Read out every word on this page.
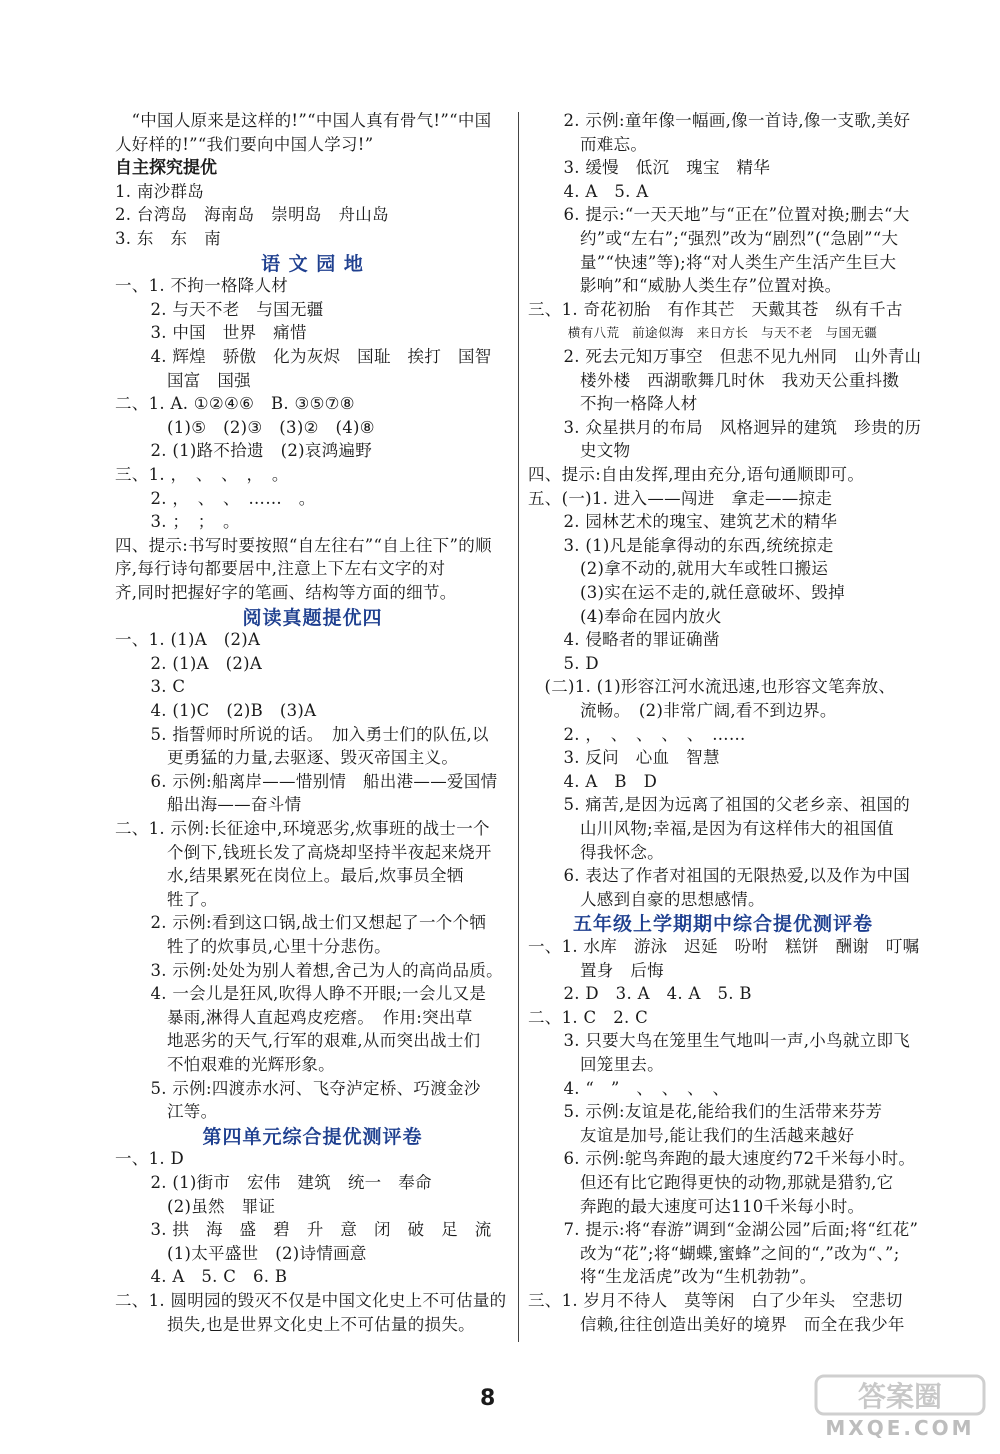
“中国人原来是这样的!”“中国人真有骨气!”“中国
人好样的!”“我们要向中国人学习!”
自主探究提优
1. 南沙群岛
2. 台湾岛　海南岛　崇明岛　舟山岛
3. 东　东　南
语 文 园 地
一、1. 不拘一格降人材
2. 与天不老　与国无疆
3. 中国　世界　痛惜
4. 辉煌　骄傲　化为灰烬　国耻　挨打　国智
国富　国强
二、1. A. ①②④⑥　B. ③⑤⑦⑧
(1)⑤　(2)③　(3)②　(4)⑧
2. (1)路不拾遗　(2)哀鸿遍野
三、1. ，　、　、　，　。
2. ，　、　、　……　。
3. ；　；　。
四、提示:书写时要按照“自左往右”“自上往下”的顺
序,每行诗句都要居中,注意上下左右文字的对
齐,同时把握好字的笔画、结构等方面的细节。
阅读真题提优四
一、1. (1)A　(2)A
2. (1)A　(2)A
3. C
4. (1)C　(2)B　(3)A
5. 指誓师时所说的话。　加入勇士们的队伍,以
更勇猛的力量,去驱逐、毁灭帝国主义。
6. 示例:船离岸——惜别情　船出港——爱国情
船出海——奋斗情
二、1. 示例:长征途中,环境恶劣,炊事班的战士一个
个倒下,钱班长发了高烧却坚持半夜起来烧开
水,结果累死在岗位上。最后,炊事员全牺
牲了。
2. 示例:看到这口锅,战士们又想起了一个个牺
牲了的炊事员,心里十分悲伤。
3. 示例:处处为别人着想,舍己为人的高尚品质。
4. 一会儿是狂风,吹得人睁不开眼;一会儿又是
暴雨,淋得人直起鸡皮疙瘩。　作用:突出草
地恶劣的天气,行军的艰难,从而突出战士们
不怕艰难的光辉形象。
5. 示例:四渡赤水河、飞夺泸定桥、巧渡金沙
江等。
第四单元综合提优测评卷
一、1. D
2. (1)街市　宏伟　建筑　统一　奉命
(2)虽然　罪证
3. 拱　海　盛　碧　升　意　闭　破　足　流
(1)太平盛世　(2)诗情画意
4. A　5. C　6. B
二、1. 圆明园的毁灭不仅是中国文化史上不可估量的
损失,也是世界文化史上不可估量的损失。
2. 示例:童年像一幅画,像一首诗,像一支歌,美好
而难忘。
3. 缓慢　低沉　瑰宝　精华
4. A　5. A
6. 提示:“一天天地”与“正在”位置对换;删去“大
约”或“左右”;“强烈”改为“剧烈”(“急剧”“大
量”“快速”等);将“对人类生产生活产生巨大
影响”和“威胁人类生存”位置对换。
三、1. 奇花初胎　有作其芒　天戴其苍　纵有千古
横有八荒　前途似海　来日方长　与天不老　与国无疆
2. 死去元知万事空　但悲不见九州同　山外青山
楼外楼　西湖歌舞几时休　我劝天公重抖擞
不拘一格降人材
3. 众星拱月的布局　风格迥异的建筑　珍贵的历
史文物
四、提示:自由发挥,理由充分,语句通顺即可。
五、(一)1. 进入——闯进　拿走——掠走
2. 园林艺术的瑰宝、建筑艺术的精华
3. (1)凡是能拿得动的东西,统统掠走
(2)拿不动的,就用大车或牲口搬运
(3)实在运不走的,就任意破坏、毁掉
(4)奉命在园内放火
4. 侵略者的罪证确凿
5. D
(二)1. (1)形容江河水流迅速,也形容文笔奔放、
流畅。　(2)非常广阔,看不到边界。
2. ，　、　、　、　、　……
3. 反问　心血　智慧
4. A　B　D
5. 痛苦,是因为远离了祖国的父老乡亲、祖国的
山川风物;幸福,是因为有这样伟大的祖国值
得我怀念。
6. 表达了作者对祖国的无限热爱,以及作为中国
人感到自豪的思想感情。
五年级上学期期中综合提优测评卷
一、1. 水库　游泳　迟延　吩咐　糕饼　酬谢　叮嘱
置身　后悔
2. D　3. A　4. A　5. B
二、1. C　2. C
3. 只要大鸟在笼里生气地叫一声,小鸟就立即飞
回笼里去。
4. “　”　、　、　、　、
5. 示例:友谊是花,能给我们的生活带来芬芳
友谊是加号,能让我们的生活越来越好
6. 示例:鸵鸟奔跑的最大速度约72千米每小时。
但还有比它跑得更快的动物,那就是猎豹,它
奔跑的最大速度可达110千米每小时。
7. 提示:将“春游”调到“金湖公园”后面;将“红花”
改为“花”;将“蝴蝶,蜜蜂”之间的“,”改为“、”;
将“生龙活虎”改为“生机勃勃”。
三、1. 岁月不待人　莫等闲　白了少年头　空悲切
信赖,往往创造出美好的境界　而全在我少年
8	答案圈
MXQE.COM
